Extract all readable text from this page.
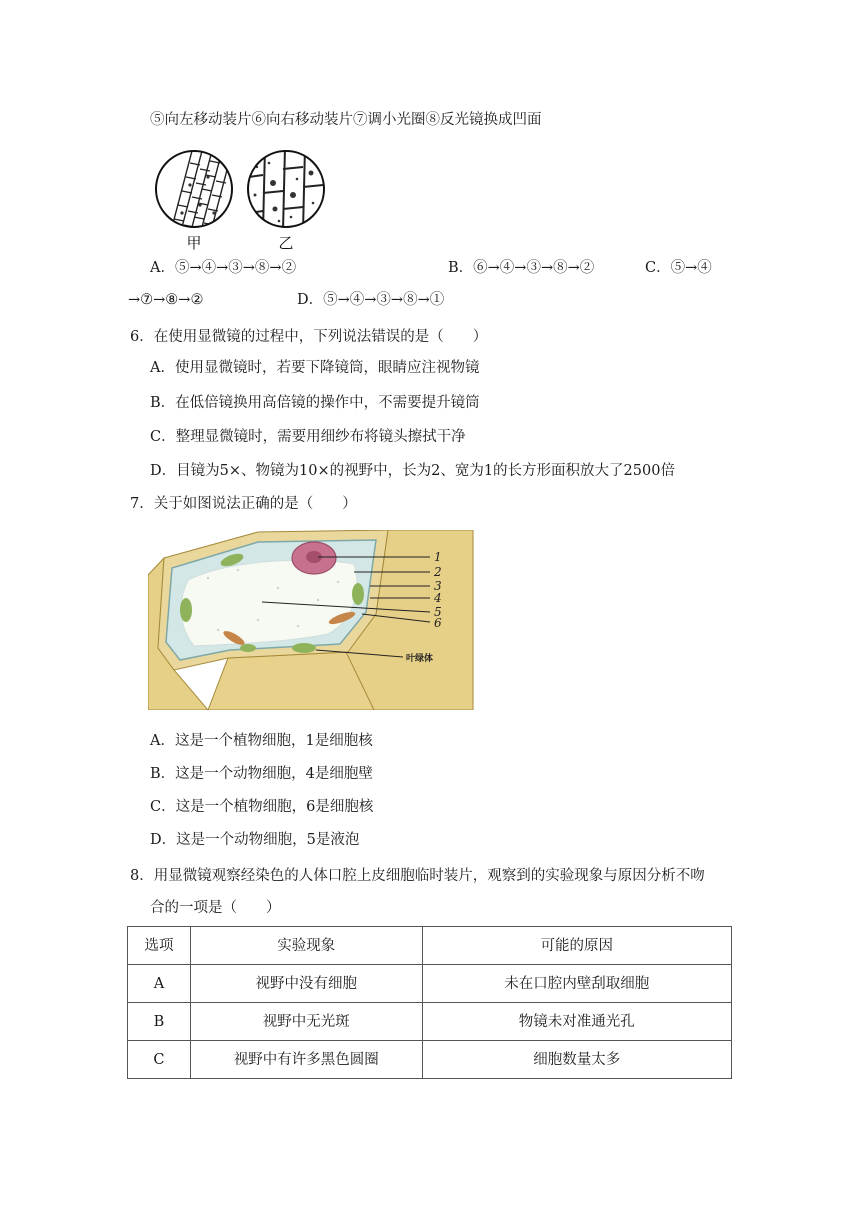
⑤向左移动装片⑥向右移动装片⑦调小光圈⑧反光镜换成凹面
甲	乙
A．⑤→④→③→⑧→②	B．⑥→④→③→⑧→②	C．⑤→④
→⑦→⑧→②	D．⑤→④→③→⑧→①
6．在使用显微镜的过程中，下列说法错误的是（　　）
A．使用显微镜时，若要下降镜筒，眼睛应注视物镜
B．在低倍镜换用高倍镜的操作中，不需要提升镜筒
C．整理显微镜时，需要用细纱布将镜头擦拭干净
D．目镜为5×、物镜为10×的视野中，长为2、宽为1的长方形面积放大了2500倍
7．关于如图说法正确的是（　　）
1
2
3
4
5
6
叶绿体
A．这是一个植物细胞，1是细胞核
B．这是一个动物细胞，4是细胞壁
C．这是一个植物细胞，6是细胞核
D．这是一个动物细胞，5是液泡
8．用显微镜观察经染色的人体口腔上皮细胞临时装片，观察到的实验现象与原因分析不吻
合的一项是（　　）
选项	实验现象	可能的原因
A	视野中没有细胞	未在口腔内壁刮取细胞
B	视野中无光斑	物镜未对准通光孔
C	视野中有许多黑色圆圈	细胞数量太多
